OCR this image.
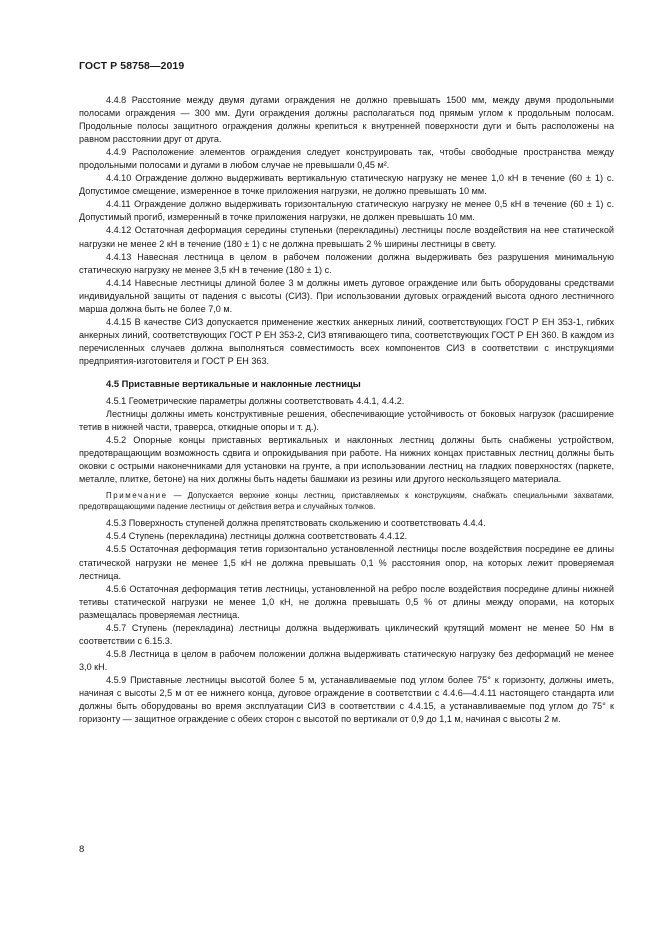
ГОСТ Р 58758—2019

4.4.8 Расстояние между двумя дугами ограждения не должно превышать 1500 мм, между двумя продольными полосами ограждения — 300 мм. Дуги ограждения должны располагаться под прямым углом к продольным полосам. Продольные полосы защитного ограждения должны крепиться к внутренней поверхности дуги и быть расположены на равном расстоянии друг от друга.

4.4.9 Расположение элементов ограждения следует конструировать так, чтобы свободные пространства между продольными полосами и дугами в любом случае не превышали 0,45 м².

4.4.10 Ограждение должно выдерживать вертикальную статическую нагрузку не менее 1,0 кН в течение (60 ± 1) с. Допустимое смещение, измеренное в точке приложения нагрузки, не должно превышать 10 мм.

4.4.11 Ограждение должно выдерживать горизонтальную статическую нагрузку не менее 0,5 кН в течение (60 ± 1) с. Допустимый прогиб, измеренный в точке приложения нагрузки, не должен превышать 10 мм.

4.4.12 Остаточная деформация середины ступеньки (перекладины) лестницы после воздействия на нее статической нагрузки не менее 2 кН в течение (180 ± 1) с не должна превышать 2 % ширины лестницы в свету.

4.4.13 Навесная лестница в целом в рабочем положении должна выдерживать без разрушения минимальную статическую нагрузку не менее 3,5 кН в течение (180 ± 1) с.

4.4.14 Навесные лестницы длиной более 3 м должны иметь дуговое ограждение или быть оборудованы средствами индивидуальной защиты от падения с высоты (СИЗ). При использовании дуговых ограждений высота одного лестничного марша должна быть не более 7,0 м.

4.4.15 В качестве СИЗ допускается применение жестких анкерных линий, соответствующих ГОСТ Р ЕН 353-1, гибких анкерных линий, соответствующих ГОСТ Р ЕН 353-2, СИЗ втягивающего типа, соответствующих ГОСТ Р ЕН 360. В каждом из перечисленных случаев должна выполняться совместимость всех компонентов СИЗ в соответствии с инструкциями предприятия-изготовителя и ГОСТ Р ЕН 363.

4.5 Приставные вертикальные и наклонные лестницы

4.5.1 Геометрические параметры должны соответствовать 4.4.1, 4.4.2.

Лестницы должны иметь конструктивные решения, обеспечивающие устойчивость от боковых нагрузок (расширение тетив в нижней части, траверса, откидные опоры и т. д.).

4.5.2 Опорные концы приставных вертикальных и наклонных лестниц должны быть снабжены устройством, предотвращающим возможность сдвига и опрокидывания при работе. На нижних концах приставных лестниц должны быть оковки с острыми наконечниками для установки на грунте, а при использовании лестниц на гладких поверхностях (паркете, металле, плитке, бетоне) на них должны быть надеты башмаки из резины или другого нескользящего материала.

Примечание — Допускается верхние концы лестниц, приставляемых к конструкциям, снабжать специальными захватами, предотвращающими падение лестницы от действия ветра и случайных толчков.

4.5.3 Поверхность ступеней должна препятствовать скольжению и соответствовать 4.4.4.

4.5.4 Ступень (перекладина) лестницы должна соответствовать 4.4.12.

4.5.5 Остаточная деформация тетив горизонтально установленной лестницы после воздействия посредине ее длины статической нагрузки не менее 1,5 кН не должна превышать 0,1 % расстояния опор, на которых лежит проверяемая лестница.

4.5.6 Остаточная деформация тетив лестницы, установленной на ребро после воздействия посредине длины нижней тетивы статической нагрузки не менее 1,0 кН, не должна превышать 0,5 % от длины между опорами, на которых размещалась проверяемая лестница.

4.5.7 Ступень (перекладина) лестницы должна выдерживать циклический крутящий момент не менее 50 Нм в соответствии с 6.15.3.

4.5.8 Лестница в целом в рабочем положении должна выдерживать статическую нагрузку без деформаций не менее 3,0 кН.

4.5.9 Приставные лестницы высотой более 5 м, устанавливаемые под углом более 75° к горизонту, должны иметь, начиная с высоты 2,5 м от ее нижнего конца, дуговое ограждение в соответствии с 4.4.6—4.4.11 настоящего стандарта или должны быть оборудованы во время эксплуатации СИЗ в соответствии с 4.4.15, а устанавливаемые под углом до 75° к горизонту — защитное ограждение с обеих сторон с высотой по вертикали от 0,9 до 1,1 м, начиная с высоты 2 м.

8
